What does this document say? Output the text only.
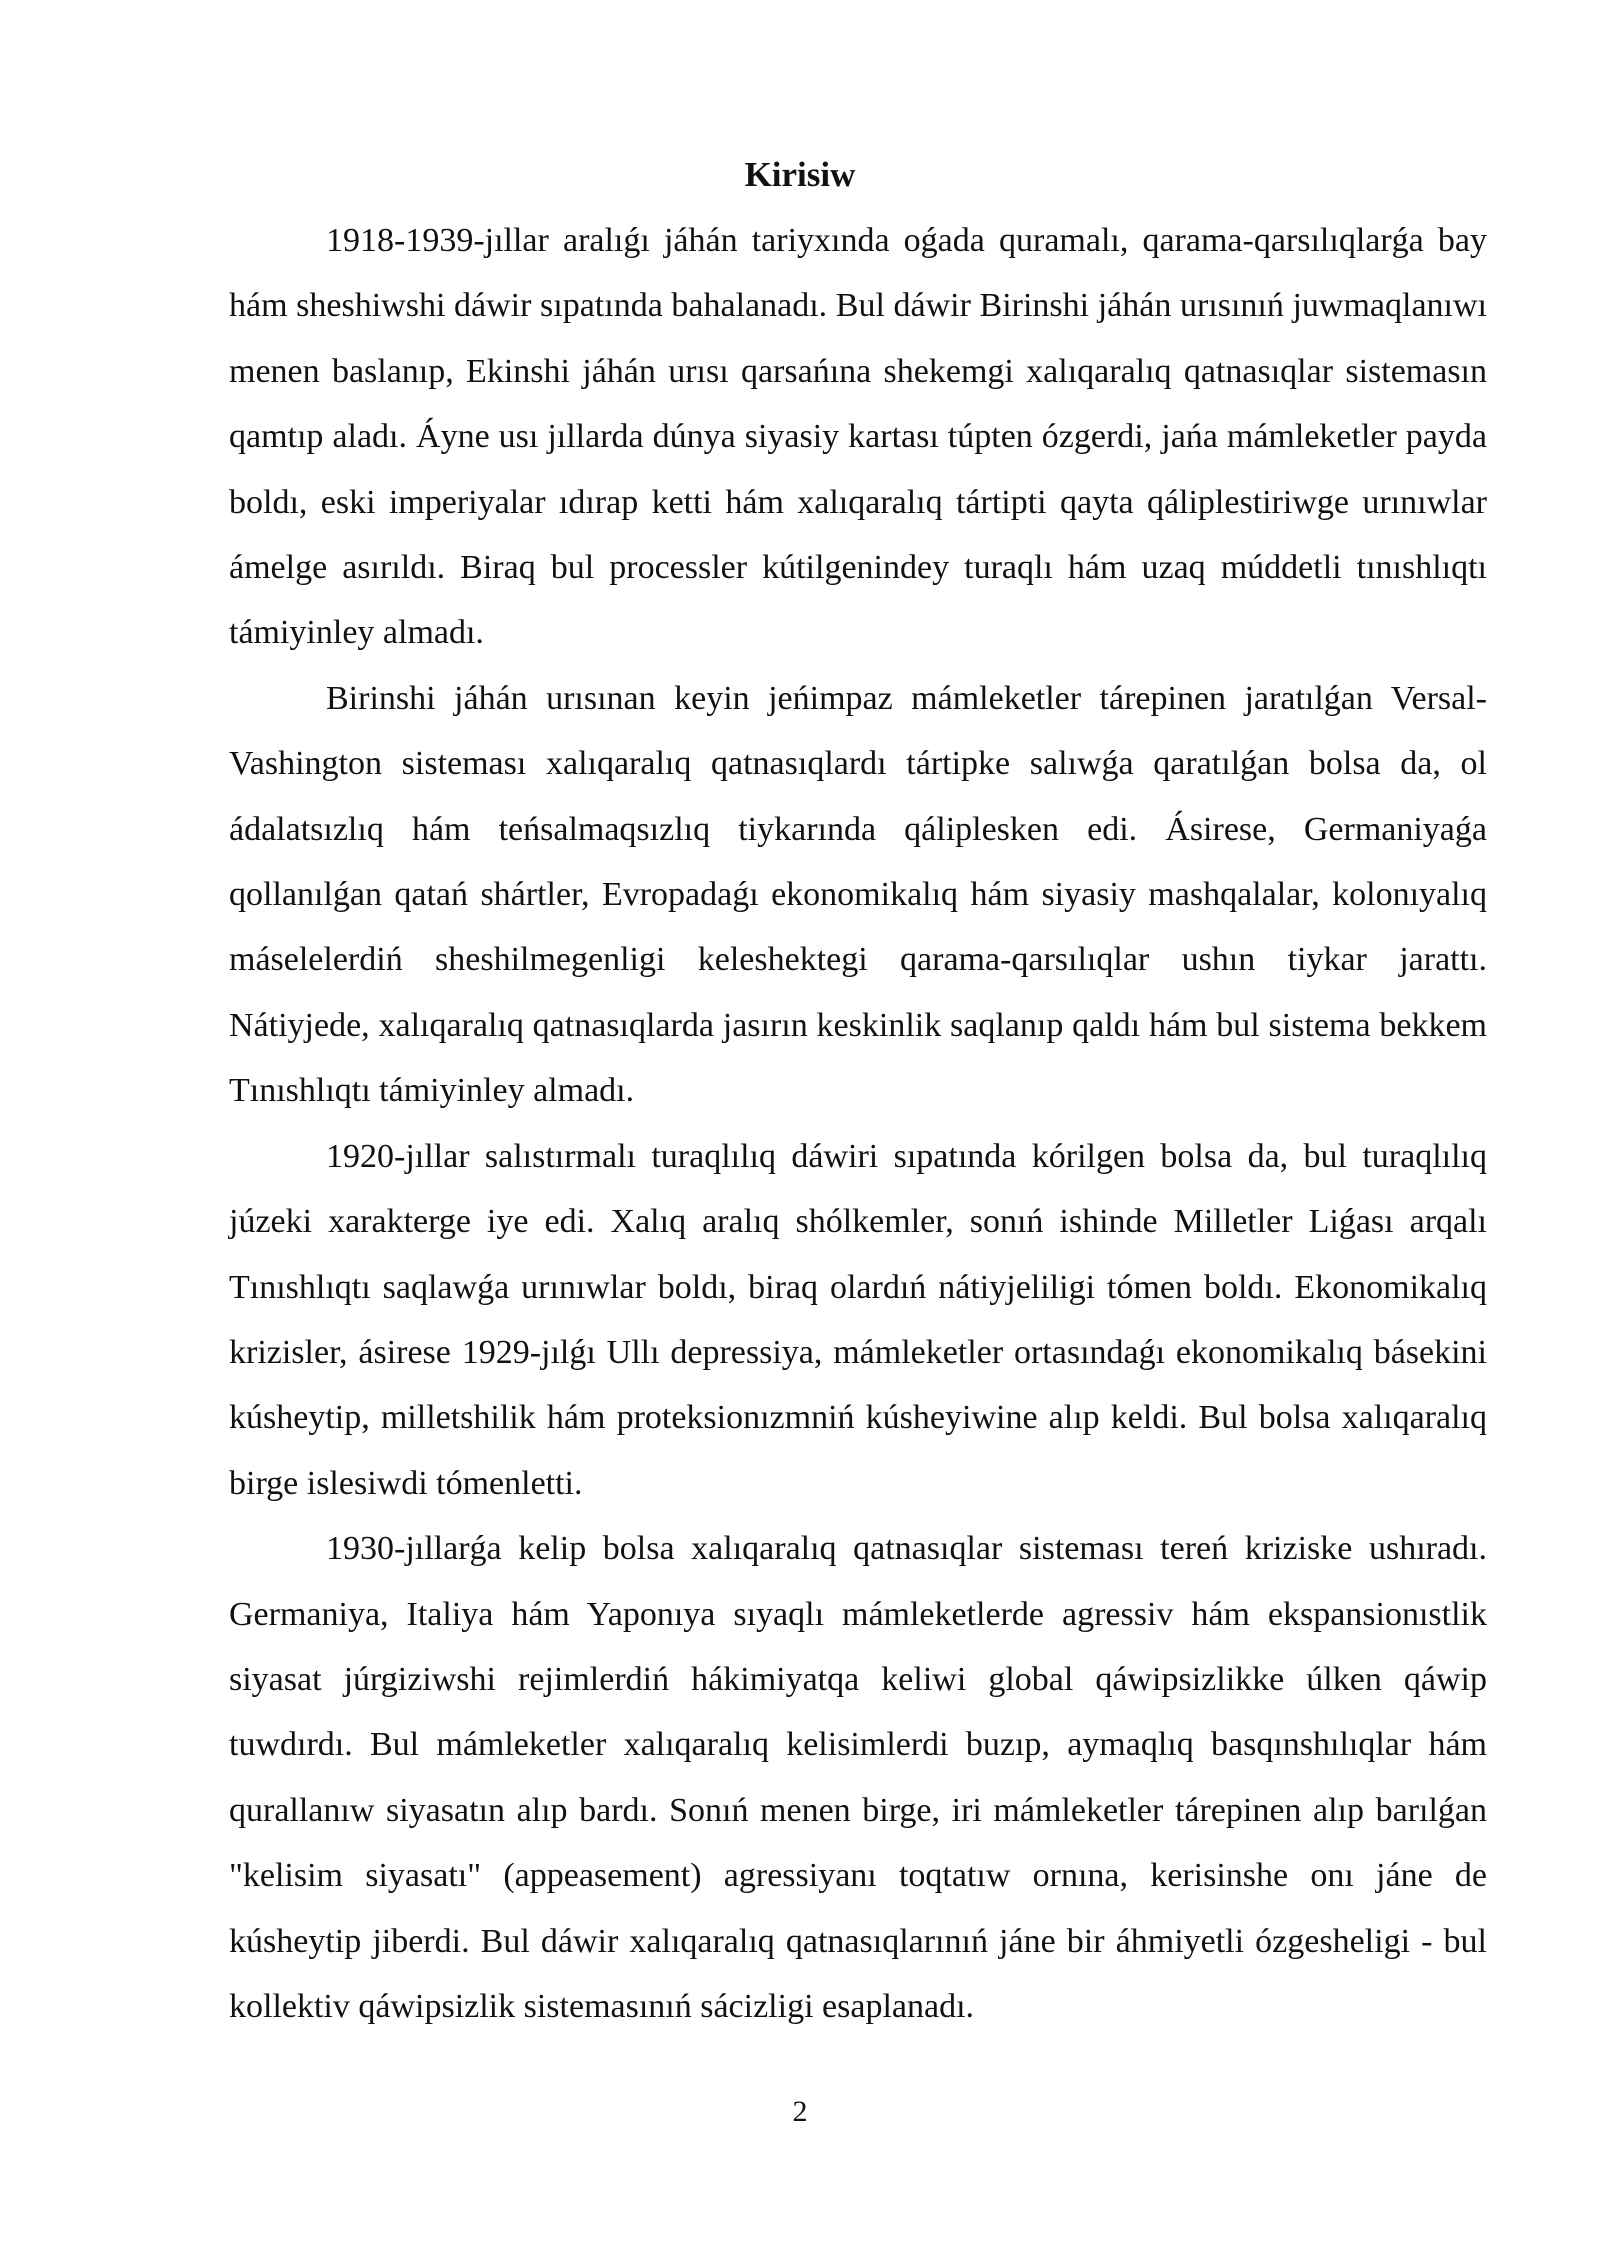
Kirisiw

1918-1939-jıllar aralıǵı jáhán tariyxında oǵada quramalı, qarama-qarsılıqlarǵa bay hám sheshiwshi dáwir sıpatında bahalanadı. Bul dáwir Birinshi jáhán urısınıń juwmaqlanıwı menen baslanıp, Ekinshi jáhán urısı qarsańına shekemgi xalıqaralıq qatnasıqlar sistemasın qamtıp aladı. Áyne usı jıllarda dúnya siyasiy kartası túpten ózgerdi, jańa mámleketler payda boldı, eski imperiyalar ıdırap ketti hám xalıqaralıq tártipti qayta qáliplestiriwge urınıwlar ámelge asırıldı. Biraq bul processler kútilgenindey turaqlı hám uzaq múddetli tınıshlıqtı támiyinley almadı.

Birinshi jáhán urısınan keyin jeńimpaz mámleketler tárepinen jaratılǵan Versal-Vashington sisteması xalıqaralıq qatnasıqlardı tártipke salıwǵa qaratılǵan bolsa da, ol ádalatsızlıq hám teńsalmaqsızlıq tiykarında qáliplesken edi. Ásirese, Germaniyaǵa qollanılǵan qatań shártler, Evropadaǵı ekonomikalıq hám siyasiy mashqalalar, kolonıyalıq máselelerdiń sheshilmegenligi keleshektegi qarama-qarsılıqlar ushın tiykar jarattı. Nátiyjede, xalıqaralıq qatnasıqlarda jasırın keskinlik saqlanıp qaldı hám bul sistema bekkem Tınıshlıqtı támiyinley almadı.

1920-jıllar salıstırmalı turaqlılıq dáwiri sıpatında kórilgen bolsa da, bul turaqlılıq júzeki xarakterge iye edi. Xalıq aralıq shólkemler, sonıń ishinde Milletler Liǵası arqalı Tınıshlıqtı saqlawǵa urınıwlar boldı, biraq olardıń nátiyjeliligi tómen boldı. Ekonomikalıq krizisler, ásirese 1929-jılǵı Ullı depressiya, mámleketler ortasındaǵı ekonomikalıq básekini kúsheytip, milletshilik hám proteksionızmniń kúsheyiwine alıp keldi. Bul bolsa xalıqaralıq birge islesiwdi tómenletti.

1930-jıllarǵa kelip bolsa xalıqaralıq qatnasıqlar sisteması tereń kriziske ushıradı. Germaniya, Italiya hám Yaponıya sıyaqlı mámleketlerde agressiv hám ekspansionıstlik siyasat júrgiziwshi rejimlerdiń hákimiyatqa keliwi global qáwipsizlikke úlken qáwip tuwdırdı. Bul mámleketler xalıqaralıq kelisimlerdi buzıp, aymaqlıq basqınshılıqlar hám qurallanıw siyasatın alıp bardı. Sonıń menen birge, iri mámleketler tárepinen alıp barılǵan "kelisim siyasatı" (appeasement) agressiyanı toqtatıw ornına, kerisinshe onı jáne de kúsheytip jiberdi. Bul dáwir xalıqaralıq qatnasıqlarınıń jáne bir áhmiyetli ózgesheligi - bul kollektiv qáwipsizlik sistemasınıń sácizligi esaplanadı.

2
